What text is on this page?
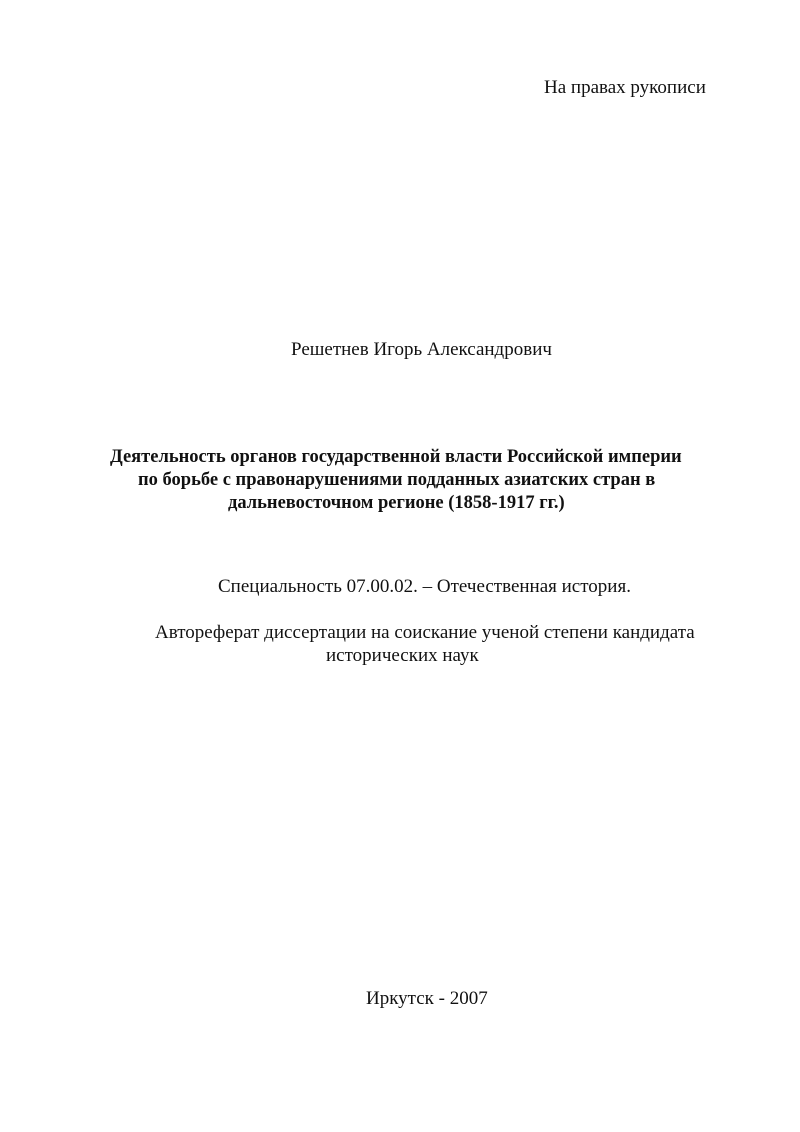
На правах рукописи

Решетнев Игорь Александрович

Деятельность органов государственной власти Российской империи

по борьбе с правонарушениями подданных азиатских стран в

дальневосточном регионе (1858-1917 гг.)

Специальность 07.00.02. – Отечественная история.

Автореферат диссертации на соискание ученой степени кандидата

исторических наук

Иркутск - 2007
